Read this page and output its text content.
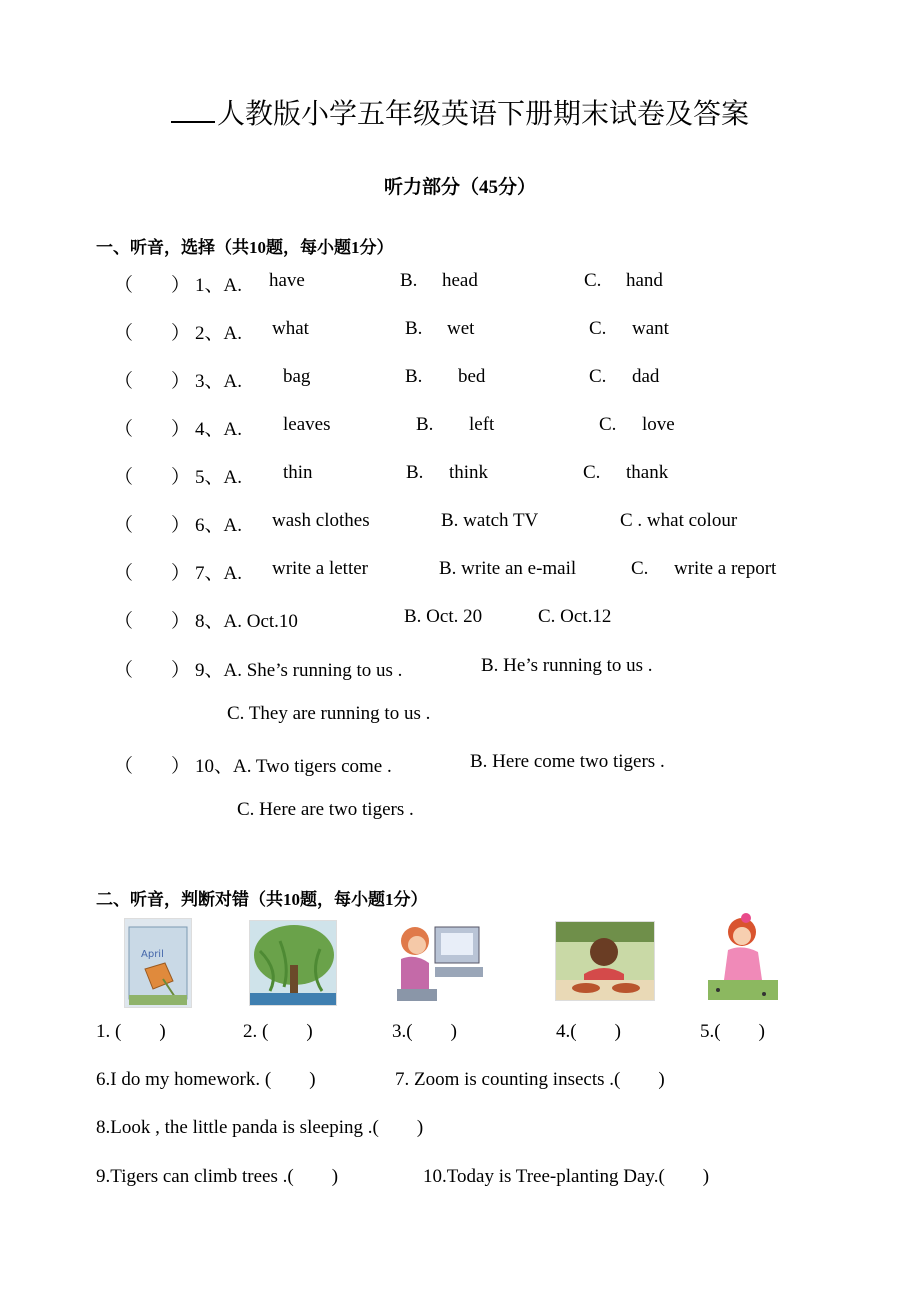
人教版小学五年级英语下册期末试卷及答案
听力部分（45分）
一、听音，选择（共10题，每小题1分）
（　　） 1、A. have	B. head	C. hand
（　　） 2、A. what	B. wet	C. want
（　　） 3、A. bag	B. bed	C. dad
（　　） 4、A. leaves	B. left	C. love
（　　） 5、A. thin	B. think	C. thank
（　　） 6、A. wash clothes	B. watch TV	C . what colour
（　　） 7、A. write a letter	B. write an e-mail	C. write a report
（　　） 8、A. Oct.10	B. Oct. 20	C. Oct.12
（　　） 9、A. She’s running to us .	B. He’s running to us .
C. They are running to us .
（　　） 10、A. Two tigers come .	B. Here come two tigers .
C. Here are two tigers .
二、听音，判断对错（共10题，每小题1分）
April
1. (　　)	2. (　　)	3.(　　)	4.(　　)	5.(　　)
6.I do my homework. (　　)	7. Zoom is counting insects .(　　)
8.Look , the little panda is sleeping .(　　)
9.Tigers can climb trees .(　　)	10.Today is Tree-planting Day.(　　)
